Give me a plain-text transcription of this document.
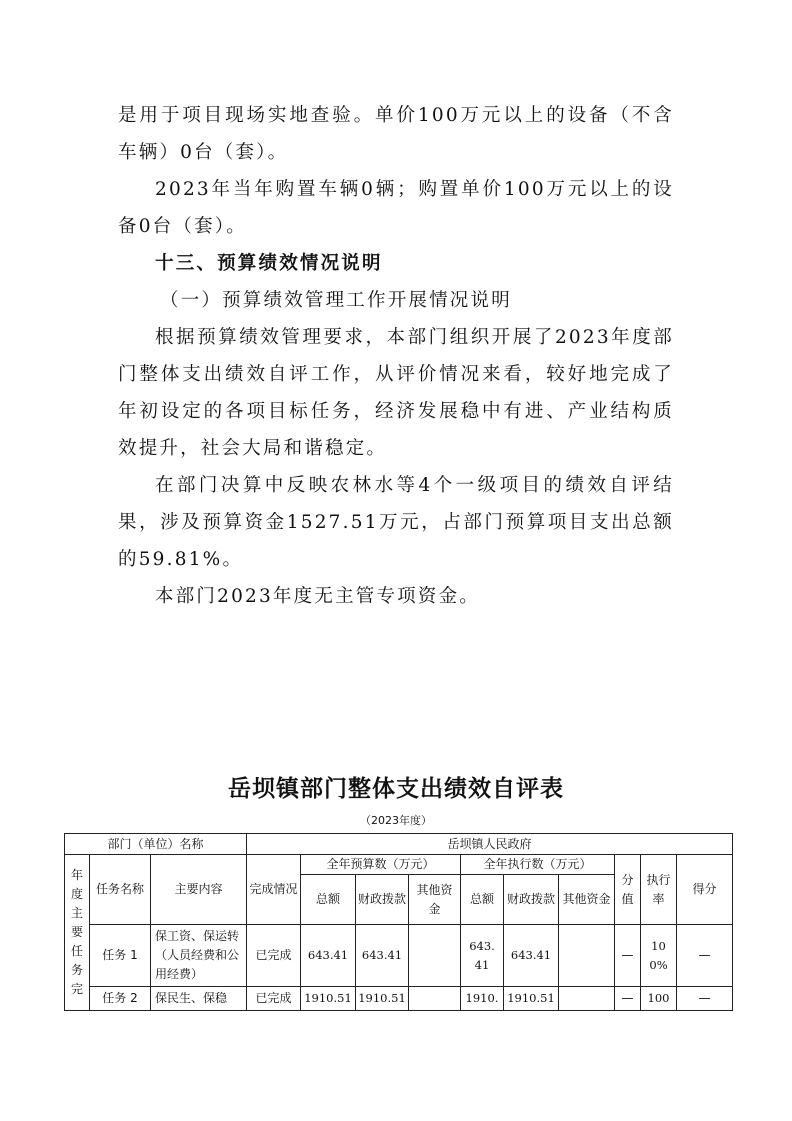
是用于项目现场实地查验。单价100万元以上的设备（不含车辆）0台（套）。

2023年当年购置车辆0辆；购置单价100万元以上的设备0台（套）。

十三、预算绩效情况说明
（一）预算绩效管理工作开展情况说明

根据预算绩效管理要求，本部门组织开展了2023年度部门整体支出绩效自评工作，从评价情况来看，较好地完成了年初设定的各项目标任务，经济发展稳中有进、产业结构质效提升，社会大局和谐稳定。

在部门决算中反映农林水等4个一级项目的绩效自评结果，涉及预算资金1527.51万元，占部门预算项目支出总额的59.81%。

本部门2023年度无主管专项资金。

岳坝镇部门整体支出绩效自评表
（2023年度）
部门（单位）名称			岳坝镇人民政府									

年度主要任务完	任务名称	主要内容	完成情况	全年预算数（万元）			全年执行数（万元）			分值	执行率	得分
				总额	财政拨款	其他资金	总额	财政拨款	其他资金			
	任务 1	保工资、保运转（人员经费和公用经费）	已完成	643.41	643.41		643.41	643.41		—	100%	—
	任务 2	保民生、保稳	已完成	1910.51	1910.51		1910.	1910.51		—	100	—
